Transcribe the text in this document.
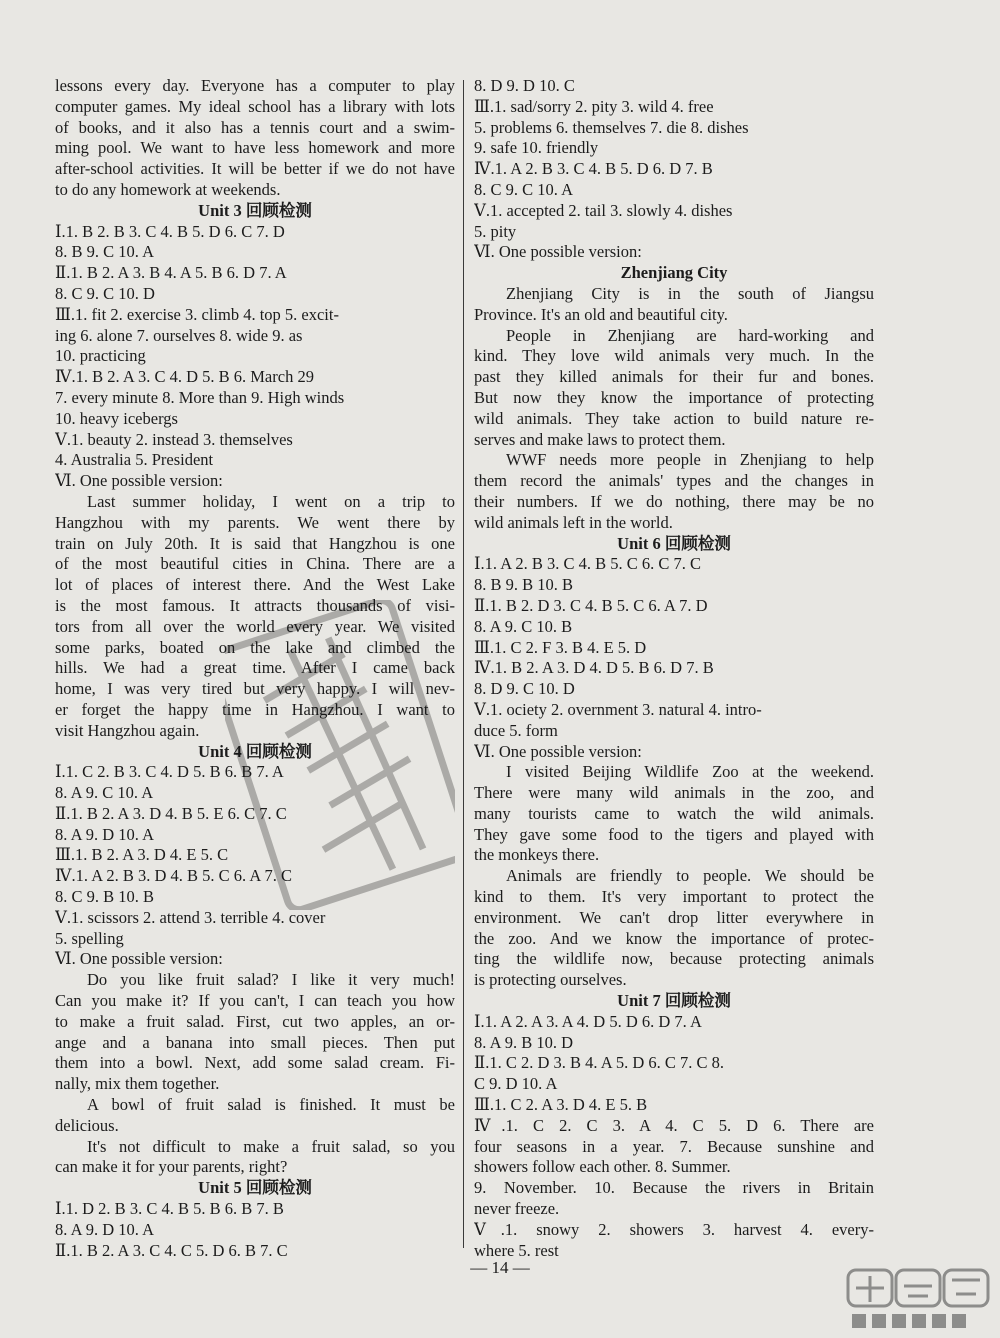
lessons every day. Everyone has a computer to play
computer games. My ideal school has a library with lots
of books, and it also has a tennis court and a swim-
ming pool. We want to have less homework and more
after-school activities. It will be better if we do not have
to do any homework at weekends.
Unit 3 回顾检测
Ⅰ.1. B 2. B 3. C 4. B 5. D 6. C 7. D
8. B 9. C 10. A
Ⅱ.1. B 2. A 3. B 4. A 5. B 6. D 7. A
8. C 9. C 10. D
Ⅲ.1. fit 2. exercise 3. climb 4. top 5. excit-
ing 6. alone 7. ourselves 8. wide 9. as
10. practicing
Ⅳ.1. B 2. A 3. C 4. D 5. B 6. March 29
7. every minute 8. More than 9. High winds
10. heavy icebergs
Ⅴ.1. beauty 2. instead 3. themselves
4. Australia 5. President
Ⅵ. One possible version:
Last summer holiday, I went on a trip to
Hangzhou with my parents. We went there by
train on July 20th. It is said that Hangzhou is one
of the most beautiful cities in China. There are a
lot of places of interest there. And the West Lake
is the most famous. It attracts thousands of visi-
tors from all over the world every year. We visited
some parks, boated on the lake and climbed the
hills. We had a great time. After I came back
home, I was very tired but very happy. I will nev-
er forget the happy time in Hangzhou. I want to
visit Hangzhou again.
Unit 4 回顾检测
Ⅰ.1. C 2. B 3. C 4. D 5. B 6. B 7. A
8. A 9. C 10. A
Ⅱ.1. B 2. A 3. D 4. B 5. E 6. C 7. C
8. A 9. D 10. A
Ⅲ.1. B 2. A 3. D 4. E 5. C
Ⅳ.1. A 2. B 3. D 4. B 5. C 6. A 7. C
8. C 9. B 10. B
Ⅴ.1. scissors 2. attend 3. terrible 4. cover
5. spelling
Ⅵ. One possible version:
Do you like fruit salad? I like it very much!
Can you make it? If you can't, I can teach you how
to make a fruit salad. First, cut two apples, an or-
ange and a banana into small pieces. Then put
them into a bowl. Next, add some salad cream. Fi-
nally, mix them together.
A bowl of fruit salad is finished. It must be
delicious.
It's not difficult to make a fruit salad, so you
can make it for your parents, right?
Unit 5 回顾检测
Ⅰ.1. D 2. B 3. C 4. B 5. B 6. B 7. B
8. A 9. D 10. A
Ⅱ.1. B 2. A 3. C 4. C 5. D 6. B 7. C
8. D 9. D 10. C
Ⅲ.1. sad/sorry 2. pity 3. wild 4. free
5. problems 6. themselves 7. die 8. dishes
9. safe 10. friendly
Ⅳ.1. A 2. B 3. C 4. B 5. D 6. D 7. B
8. C 9. C 10. A
Ⅴ.1. accepted 2. tail 3. slowly 4. dishes
5. pity
Ⅵ. One possible version:
Zhenjiang City
Zhenjiang City is in the south of Jiangsu
Province. It's an old and beautiful city.
People in Zhenjiang are hard-working and
kind. They love wild animals very much. In the
past they killed animals for their fur and bones.
But now they know the importance of protecting
wild animals. They take action to build nature re-
serves and make laws to protect them.
WWF needs more people in Zhenjiang to help
them record the animals' types and the changes in
their numbers. If we do nothing, there may be no
wild animals left in the world.
Unit 6 回顾检测
Ⅰ.1. A 2. B 3. C 4. B 5. C 6. C 7. C
8. B 9. B 10. B
Ⅱ.1. B 2. D 3. C 4. B 5. C 6. A 7. D
8. A 9. C 10. B
Ⅲ.1. C 2. F 3. B 4. E 5. D
Ⅳ.1. B 2. A 3. D 4. D 5. B 6. D 7. B
8. D 9. C 10. D
Ⅴ.1. ociety 2. overnment 3. natural 4. intro-
duce 5. form
Ⅵ. One possible version:
I visited Beijing Wildlife Zoo at the weekend.
There were many wild animals in the zoo, and
many tourists came to watch the wild animals.
They gave some food to the tigers and played with
the monkeys there.
Animals are friendly to people. We should be
kind to them. It's very important to protect the
environment. We can't drop litter everywhere in
the zoo. And we know the importance of protec-
ting the wildlife now, because protecting animals
is protecting ourselves.
Unit 7 回顾检测
Ⅰ.1. A 2. A 3. A 4. D 5. D 6. D 7. A
8. A 9. B 10. D
Ⅱ.1. C 2. D 3. B 4. A 5. D 6. C 7. C 8.
C 9. D 10. A
Ⅲ.1. C 2. A 3. D 4. E 5. B
Ⅳ.1. C 2. C 3. A 4. C 5. D 6. There are
four seasons in a year. 7. Because sunshine and
showers follow each other. 8. Summer.
9. November. 10. Because the rivers in Britain
never freeze.
Ⅴ.1. snowy 2. showers 3. harvest 4. every-
where 5. rest
— 14 —
